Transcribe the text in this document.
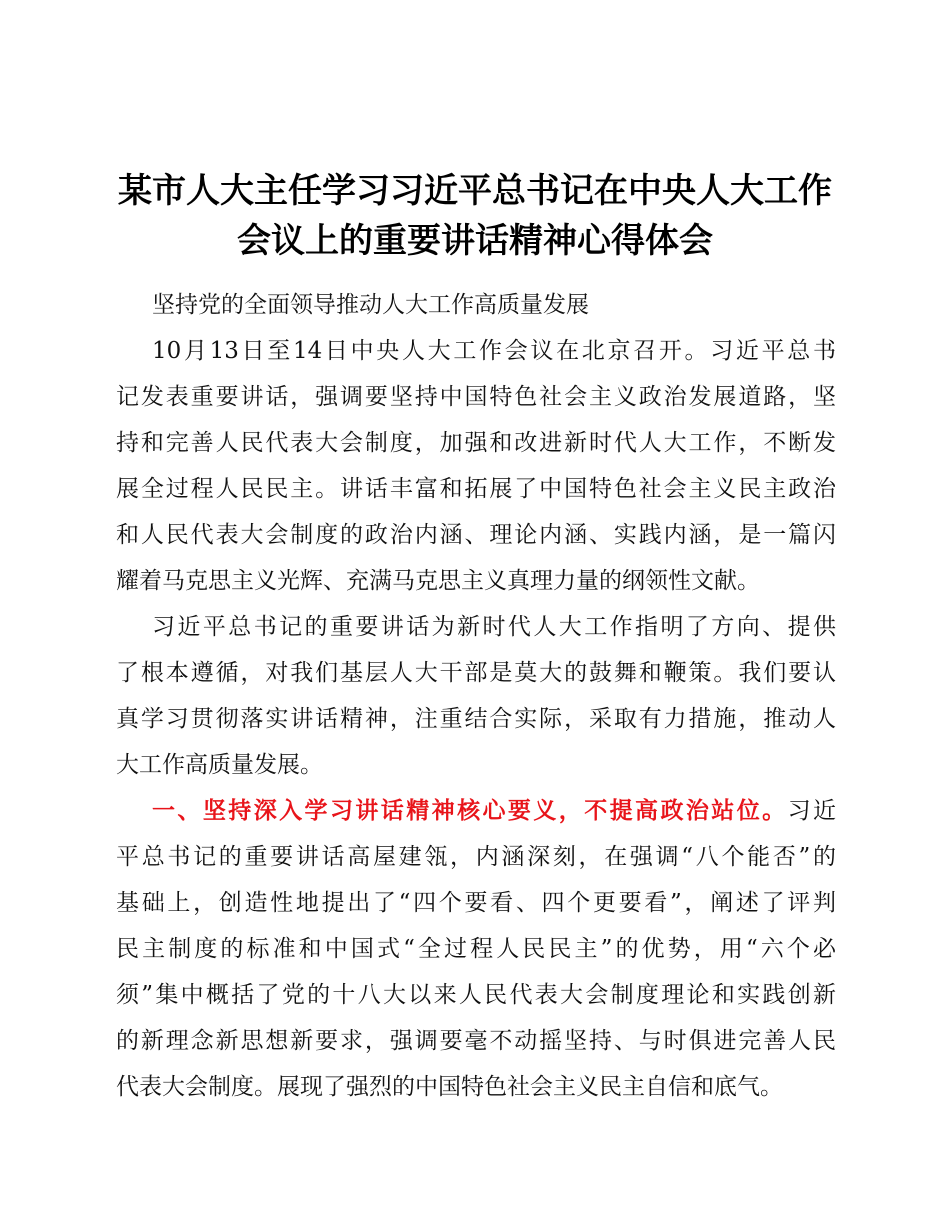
某市人大主任学习习近平总书记在中央人大工作
会议上的重要讲话精神心得体会

坚持党的全面领导推动人大工作高质量发展

10月13日至14日中央人大工作会议在北京召开。习近平总书
记发表重要讲话，强调要坚持中国特色社会主义政治发展道路，坚
持和完善人民代表大会制度，加强和改进新时代人大工作，不断发
展全过程人民民主。讲话丰富和拓展了中国特色社会主义民主政治
和人民代表大会制度的政治内涵、理论内涵、实践内涵，是一篇闪
耀着马克思主义光辉、充满马克思主义真理力量的纲领性文献。

习近平总书记的重要讲话为新时代人大工作指明了方向、提供
了根本遵循，对我们基层人大干部是莫大的鼓舞和鞭策。我们要认
真学习贯彻落实讲话精神，注重结合实际，采取有力措施，推动人
大工作高质量发展。

一、坚持深入学习讲话精神核心要义，不提高政治站位。习近
平总书记的重要讲话高屋建瓴，内涵深刻，在强调“八个能否”的
基础上，创造性地提出了“四个要看、四个更要看”，阐述了评判
民主制度的标准和中国式“全过程人民民主”的优势，用“六个必
须”集中概括了党的十八大以来人民代表大会制度理论和实践创新
的新理念新思想新要求，强调要毫不动摇坚持、与时俱进完善人民
代表大会制度。展现了强烈的中国特色社会主义民主自信和底气。
